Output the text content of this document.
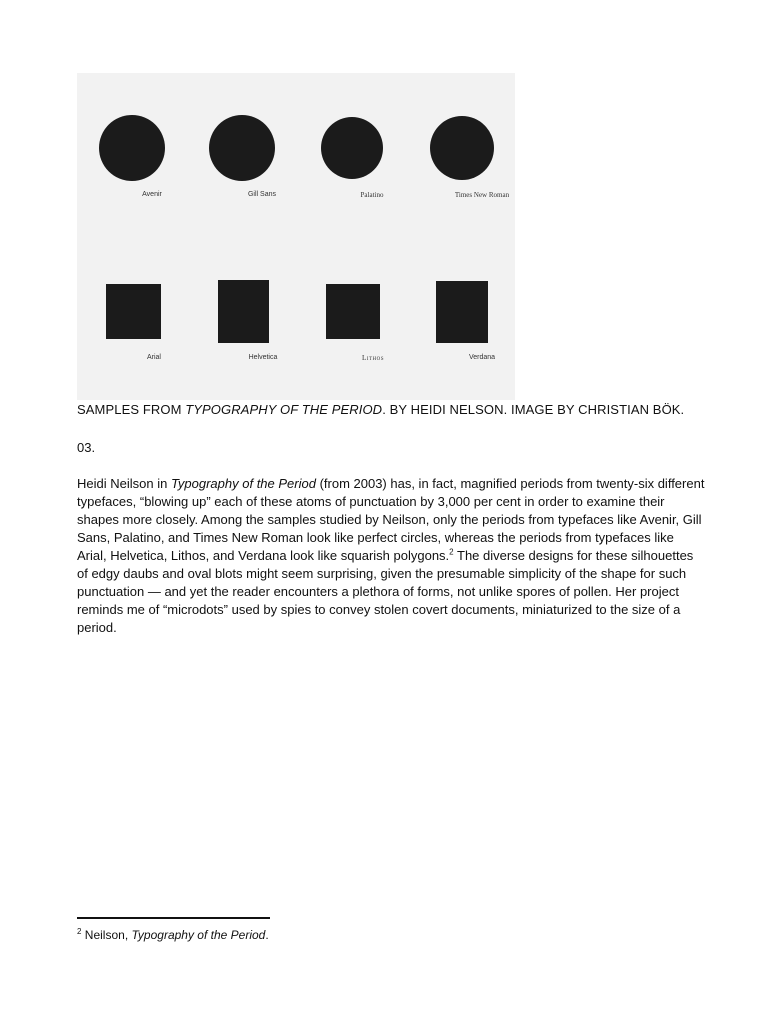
Avenir	Gill Sans	Palatino	Times New Roman
Arial	Helvetica	Lithos	Verdana
SAMPLES FROM TYPOGRAPHY OF THE PERIOD. BY HEIDI NELSON. IMAGE BY CHRISTIAN BÖK.
03.
Heidi Neilson in Typography of the Period (from 2003) has, in fact, magnified periods from twenty-six different typefaces, “blowing up” each of these atoms of punctuation by 3,000 per cent in order to examine their shapes more closely. Among the samples studied by Neilson, only the periods from typefaces like Avenir, Gill Sans, Palatino, and Times New Roman look like perfect circles, whereas the periods from typefaces like Arial, Helvetica, Lithos, and Verdana look like squarish polygons.$^2$ The diverse designs for these silhouettes of edgy daubs and oval blots might seem surprising, given the presumable simplicity of the shape for such punctuation — and yet the reader encounters a plethora of forms, not unlike spores of pollen. Her project reminds me of “microdots” used by spies to convey stolen covert documents, miniaturized to the size of a period.
$^2$ Neilson, Typography of the Period.
